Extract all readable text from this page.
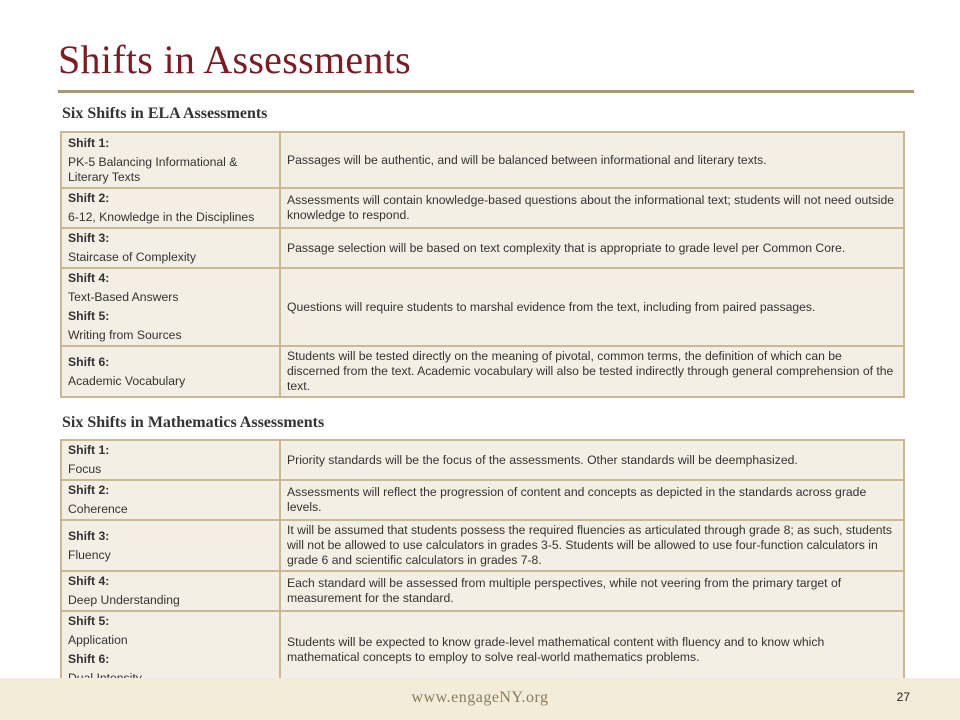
Shifts in Assessments
Six Shifts in ELA Assessments
Shift 1:
PK-5 Balancing Informational & Literary Texts	Passages will be authentic, and will be balanced between informational and literary texts.

Shift 2:
6-12, Knowledge in the Disciplines	Assessments will contain knowledge-based questions about the informational text; students will not need outside knowledge to respond.

Shift 3:
Staircase of Complexity	Passage selection will be based on text complexity that is appropriate to grade level per Common Core.

Shift 4:
Text-Based Answers
Shift 5:
Writing from Sources	Questions will require students to marshal evidence from the text, including from paired passages.

Shift 6:
Academic Vocabulary	Students will be tested directly on the meaning of pivotal, common terms, the definition of which can be discerned from the text. Academic vocabulary will also be tested indirectly through general comprehension of the text.
Six Shifts in Mathematics Assessments
Shift 1:
Focus	Priority standards will be the focus of the assessments. Other standards will be deemphasized.

Shift 2:
Coherence	Assessments will reflect the progression of content and concepts as depicted in the standards across grade levels.

Shift 3:
Fluency	It will be assumed that students possess the required fluencies as articulated through grade 8; as such, students will not be allowed to use calculators in grades 3-5. Students will be allowed to use four-function calculators in grade 6 and scientific calculators in grades 7-8.

Shift 4:
Deep Understanding	Each standard will be assessed from multiple perspectives, while not veering from the primary target of measurement for the standard.

Shift 5:
Application
Shift 6:	Students will be expected to know grade-level mathematical content with fluency and to know which mathematical concepts to employ to solve real-world mathematics problems.
www.engageNY.org	27
